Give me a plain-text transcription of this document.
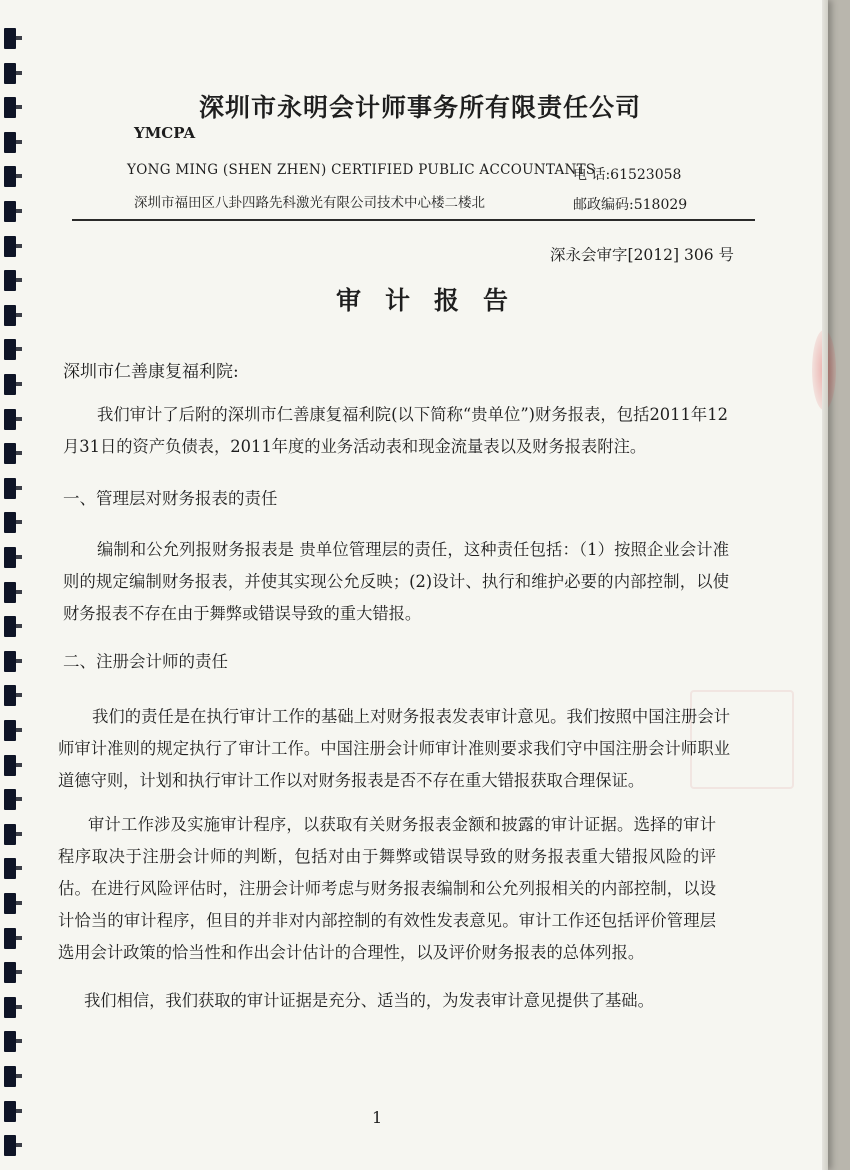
深圳市永明会计师事务所有限责任公司
YMCPA
YONG MING (SHEN ZHEN) CERTIFIED PUBLIC ACCOUNTANTS
电 话:61523058
深圳市福田区八卦四路先科激光有限公司技术中心楼二楼北	邮政编码:518029
深永会审字[2012] 306 号
审计报告
深圳市仁善康复福利院:
我们审计了后附的深圳市仁善康复福利院(以下简称“贵单位”)财务报表，包括2011年12月31日的资产负债表，2011年度的业务活动表和现金流量表以及财务报表附注。
一、管理层对财务报表的责任
编制和公允列报财务报表是 贵单位管理层的责任，这种责任包括：（1）按照企业会计准则的规定编制财务报表，并使其实现公允反映；(2)设计、执行和维护必要的内部控制，以使财务报表不存在由于舞弊或错误导致的重大错报。
二、注册会计师的责任
我们的责任是在执行审计工作的基础上对财务报表发表审计意见。我们按照中国注册会计师审计准则的规定执行了审计工作。中国注册会计师审计准则要求我们守中国注册会计师职业道德守则，计划和执行审计工作以对财务报表是否不存在重大错报获取合理保证。
审计工作涉及实施审计程序，以获取有关财务报表金额和披露的审计证据。选择的审计程序取决于注册会计师的判断，包括对由于舞弊或错误导致的财务报表重大错报风险的评估。在进行风险评估时，注册会计师考虑与财务报表编制和公允列报相关的内部控制，以设计恰当的审计程序，但目的并非对内部控制的有效性发表意见。审计工作还包括评价管理层选用会计政策的恰当性和作出会计估计的合理性，以及评价财务报表的总体列报。
我们相信，我们获取的审计证据是充分、适当的，为发表审计意见提供了基础。
1
